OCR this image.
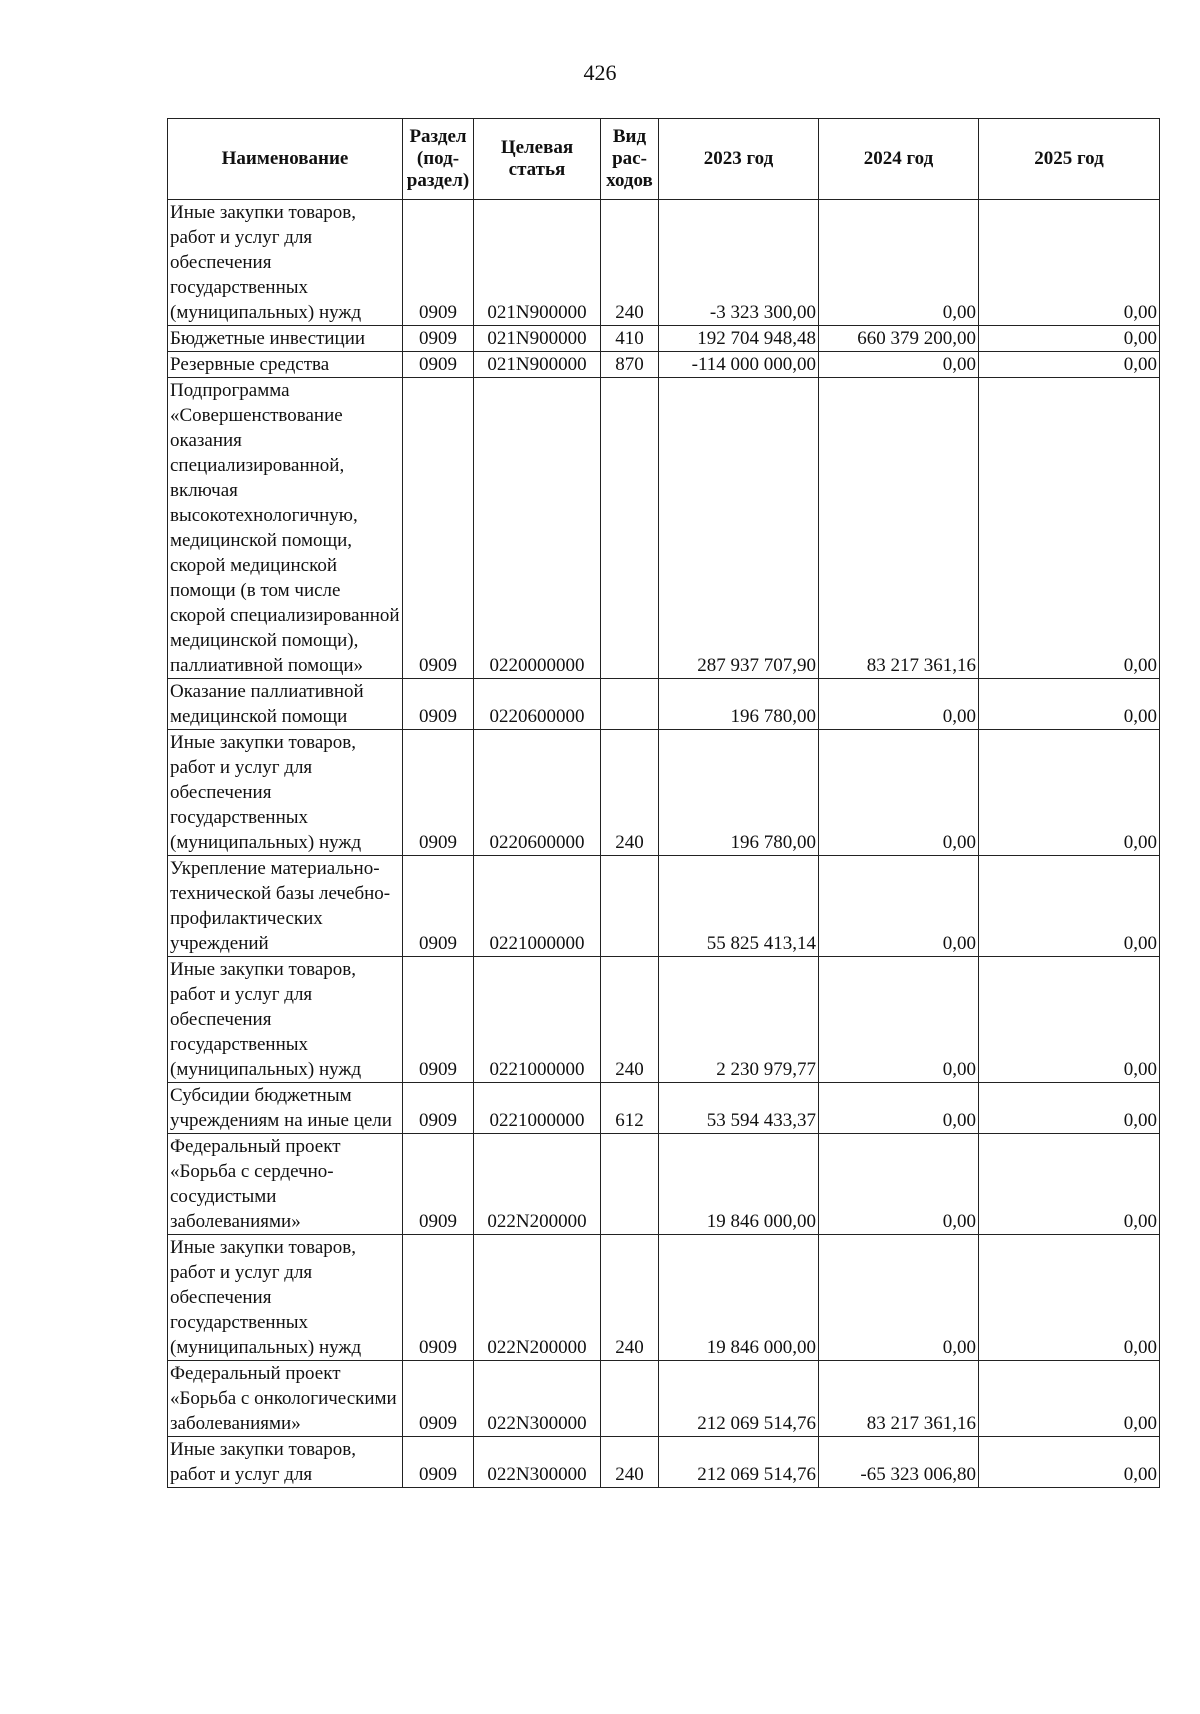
426
Наименование	Раздел (под-раздел)	Целевая статья	Вид рас-ходов	2023 год	2024 год	2025 год
Иные закупки товаров, работ и услуг для обеспечения государственных (муниципальных) нужд	0909	021N900000	240	-3 323 300,00	0,00	0,00
Бюджетные инвестиции	0909	021N900000	410	192 704 948,48	660 379 200,00	0,00
Резервные средства	0909	021N900000	870	-114 000 000,00	0,00	0,00
Подпрограмма «Совершенствование оказания специализированной, включая высокотехнологичную, медицинской помощи, скорой медицинской помощи (в том числе скорой специализированной медицинской помощи), паллиативной помощи»	0909	0220000000		287 937 707,90	83 217 361,16	0,00
Оказание паллиативной медицинской помощи	0909	0220600000		196 780,00	0,00	0,00
Иные закупки товаров, работ и услуг для обеспечения государственных (муниципальных) нужд	0909	0220600000	240	196 780,00	0,00	0,00
Укрепление материально-технической базы лечебно-профилактических учреждений	0909	0221000000		55 825 413,14	0,00	0,00
Иные закупки товаров, работ и услуг для обеспечения государственных (муниципальных) нужд	0909	0221000000	240	2 230 979,77	0,00	0,00
Субсидии бюджетным учреждениям на иные цели	0909	0221000000	612	53 594 433,37	0,00	0,00
Федеральный проект «Борьба с сердечно-сосудистыми заболеваниями»	0909	022N200000		19 846 000,00	0,00	0,00
Иные закупки товаров, работ и услуг для обеспечения государственных (муниципальных) нужд	0909	022N200000	240	19 846 000,00	0,00	0,00
Федеральный проект «Борьба с онкологическими заболеваниями»	0909	022N300000		212 069 514,76	83 217 361,16	0,00
Иные закупки товаров, работ и услуг для	0909	022N300000	240	212 069 514,76	-65 323 006,80	0,00
